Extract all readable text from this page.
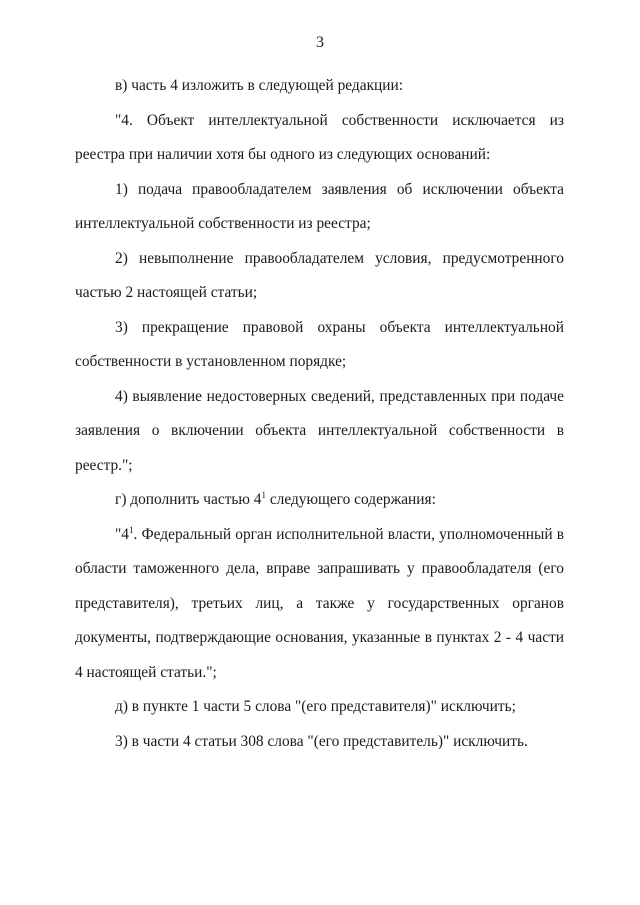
3

в) часть 4 изложить в следующей редакции:

"4. Объект интеллектуальной собственности исключается из реестра при наличии хотя бы одного из следующих оснований:

1) подача правообладателем заявления об исключении объекта интеллектуальной собственности из реестра;

2) невыполнение правообладателем условия, предусмотренного частью 2 настоящей статьи;

3) прекращение правовой охраны объекта интеллектуальной собственности в установленном порядке;

4) выявление недостоверных сведений, представленных при подаче заявления о включении объекта интеллектуальной собственности в реестр.";

г) дополнить частью $4^1$ следующего содержания:

"$4^1$. Федеральный орган исполнительной власти, уполномоченный в области таможенного дела, вправе запрашивать у правообладателя (его представителя), третьих лиц, а также у государственных органов документы, подтверждающие основания, указанные в пунктах 2 - 4 части 4 настоящей статьи.";

д) в пункте 1 части 5 слова "(его представителя)" исключить;

3) в части 4 статьи 308 слова "(его представитель)" исключить.
